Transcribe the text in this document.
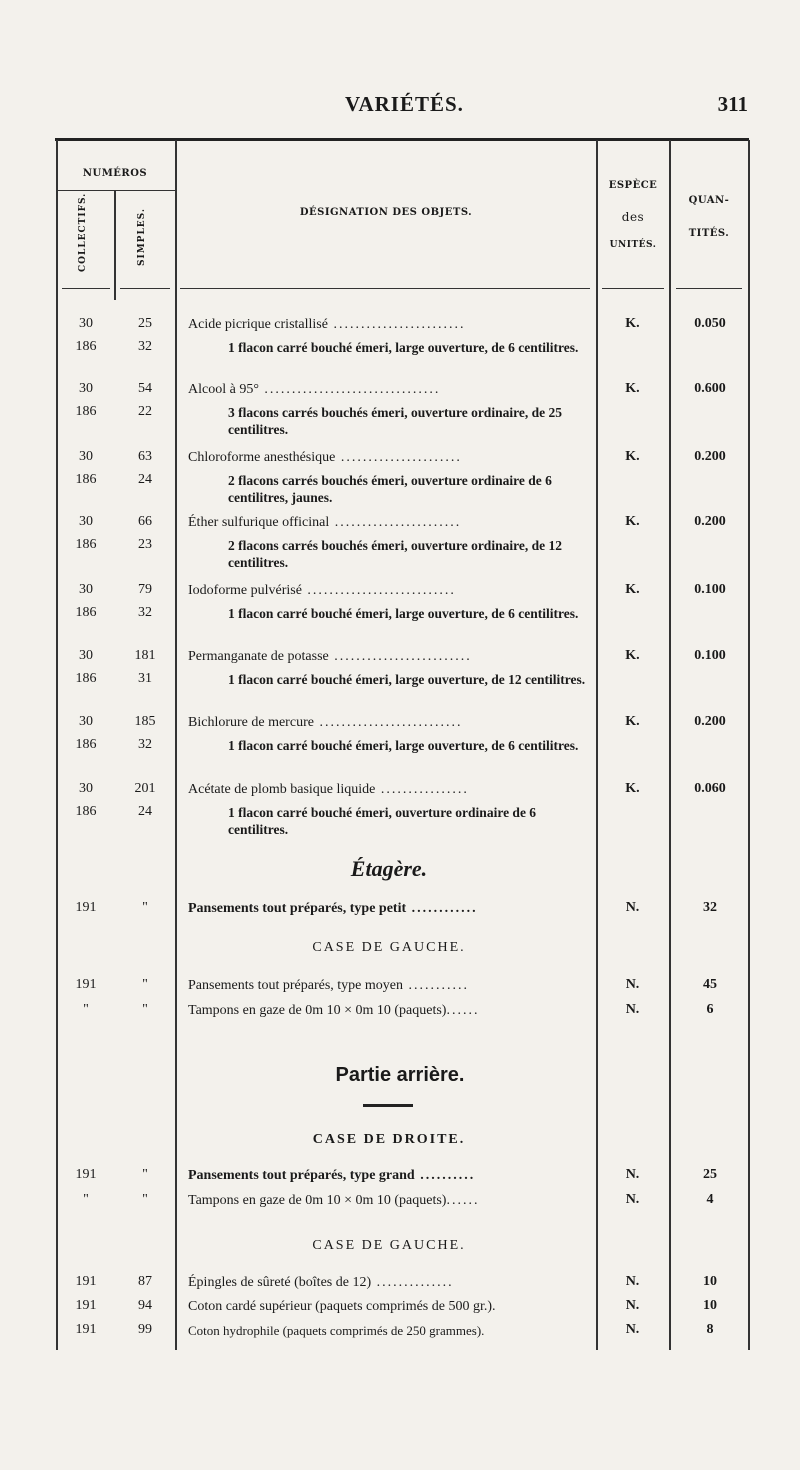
VARIÉTÉS.	311
NUMÉROS
COLLECTIFS.	SIMPLES.	DÉSIGNATION DES OBJETS.
ESPÈCE
des
UNITÉS.
QUAN-
TITÉS.
30	25	Acide picrique cristallisé ........................	K.	0.050
186	32	1 flacon carré bouché émeri, large ouverture, de 6 centilitres.
30	54	Alcool à 95° ................................	K.	0.600
186	22	3 flacons carrés bouchés émeri, ouverture ordinaire, de 25 centilitres.
30	63	Chloroforme anesthésique ......................	K.	0.200
186	24	2 flacons carrés bouchés émeri, ouverture ordinaire de 6 centilitres, jaunes.
30	66	Éther sulfurique officinal .......................	K.	0.200
186	23	2 flacons carrés bouchés émeri, ouverture ordinaire, de 12 centilitres.
30	79	Iodoforme pulvérisé ...........................	K.	0.100
186	32	1 flacon carré bouché émeri, large ouverture, de 6 centilitres.
30	181	Permanganate de potasse .........................	K.	0.100
186	31	1 flacon carré bouché émeri, large ouverture, de 12 centilitres.
30	185	Bichlorure de mercure ..........................	K.	0.200
186	32	1 flacon carré bouché émeri, large ouverture, de 6 centilitres.
30	201	Acétate de plomb basique liquide ................	K.	0.060
186	24	1 flacon carré bouché émeri, ouverture ordinaire de 6 centilitres.
Étagère.
191	"	Pansements tout préparés, type petit ............	N.	32
CASE DE GAUCHE.
191	"	Pansements tout préparés, type moyen ...........	N.	45
"	"	Tampons en gaze de 0m 10 × 0m 10 (paquets)......	N.	6
Partie arrière.
CASE DE DROITE.
191	"	Pansements tout préparés, type grand ..........	N.	25
"	"	Tampons en gaze de 0m 10 × 0m 10 (paquets)......	N.	4
CASE DE GAUCHE.
191	87	Épingles de sûreté (boîtes de 12) ..............	N.	10
191	94	Coton cardé supérieur (paquets comprimés de 500 gr.).	N.	10
191	99	Coton hydrophile (paquets comprimés de 250 grammes).	N.	8
